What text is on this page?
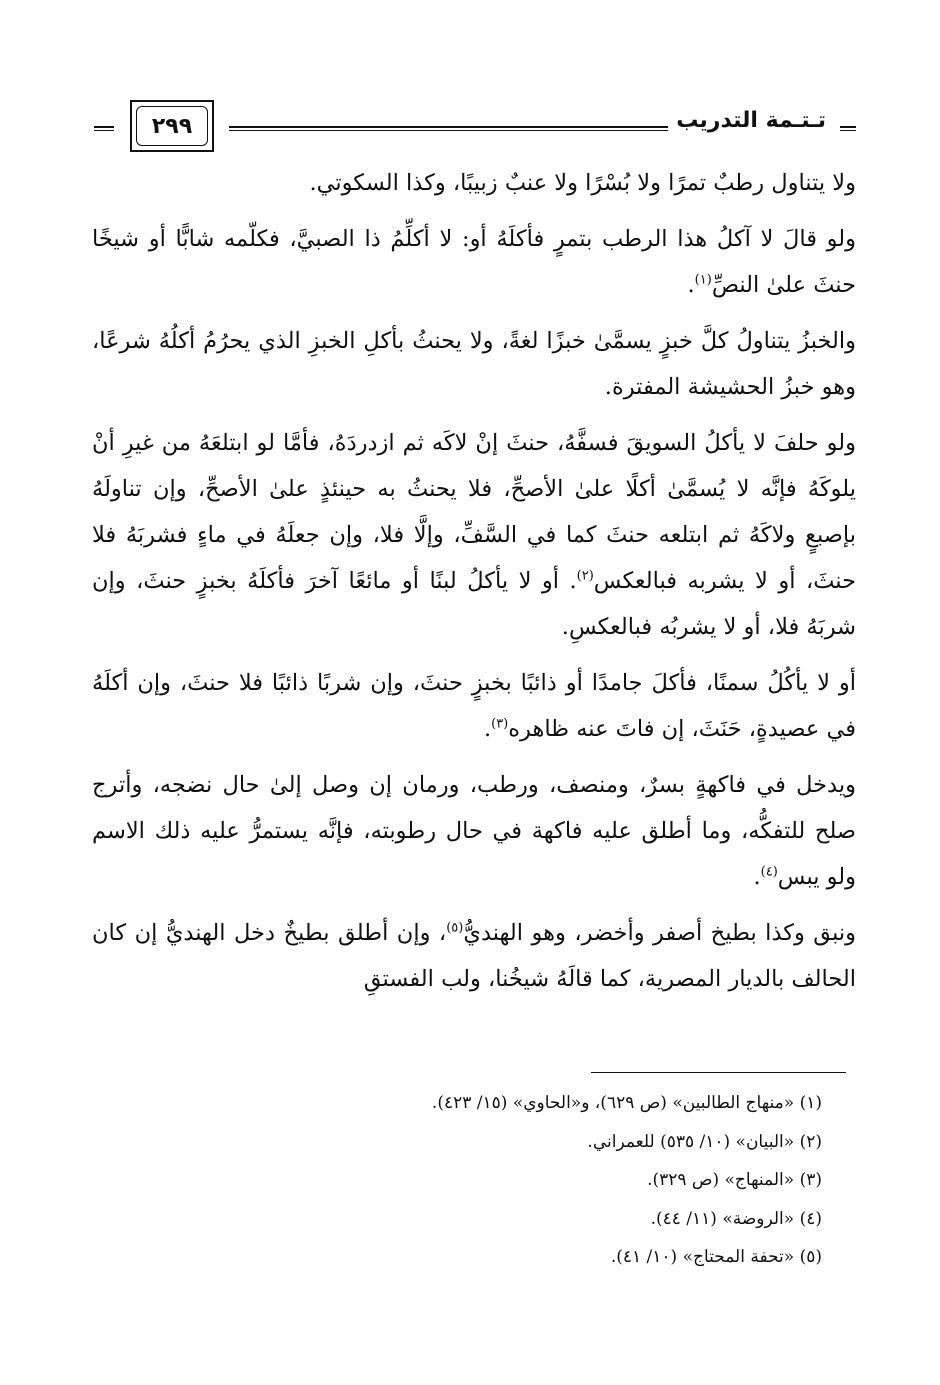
تـتـمة التدريب
٢٩٩

ولا يتناول رطبٌ تمرًا ولا بُسْرًا ولا عنبٌ زبيبًا، وكذا السكوتي.

ولو قالَ لا آكلُ هذا الرطب بتمرٍ فأكلَهُ أو: لا أكلِّمُ ذا الصبيَّ، فكلّمه شابًّا أو شيخًا حنثَ علىٰ النصِّ$^{(١)}$.

والخبزُ يتناولُ كلَّ خبزٍ يسمَّىٰ خبزًا لغةً، ولا يحنثُ بأكلِ الخبزِ الذي يحرُمُ أكلُهُ شرعًا، وهو خبزُ الحشيشة المفترة.

ولو حلفَ لا يأكلُ السويقَ فسفَّهُ، حنثَ إنْ لاكَه ثم ازدردَهُ، فأمَّا لو ابتلعَهُ من غيرِ أنْ يلوكَهُ فإنَّه لا يُسمَّىٰ أكلًا علىٰ الأصحِّ، فلا يحنثُ به حينئذٍ علىٰ الأصحِّ، وإن تناولَهُ بإصبعٍ ولاكَهُ ثم ابتلعه حنثَ كما في السَّفِّ، وإلَّا فلا، وإن جعلَهُ في ماءٍ فشربَهُ فلا حنثَ، أو لا يشربه فبالعكس$^{(٢)}$. أو لا يأكلُ لبنًا أو مائعًا آخرَ فأكلَهُ بخبزٍ حنثَ، وإن شربَهُ فلا، أو لا يشربُه فبالعكسِ.

أو لا يأكُلُ سمنًا، فأكلَ جامدًا أو ذائبًا بخبزٍ حنثَ، وإن شربًا ذائبًا فلا حنثَ، وإن أكلَهُ في عصيدةٍ، حَنَثَ، إن فاتَ عنه ظاهره$^{(٣)}$.

ويدخل في فاكهةٍ بسرٌ، ومنصف، ورطب، ورمان إن وصل إلىٰ حال نضجه، وأترج صلح للتفكُّه، وما أطلق عليه فاكهة في حال رطوبته، فإنَّه يستمرُّ عليه ذلك الاسم ولو يبس$^{(٤)}$.

ونبق وكذا بطيخ أصفر وأخضر، وهو الهنديُّ$^{(٥)}$، وإن أطلق بطيخٌ دخل الهنديُّ إن كان الحالف بالديار المصرية، كما قالَهُ شيخُنا، ولب الفستقِ

(١) «منهاج الطالبين» (ص ٦٢٩)، و«الحاوي» (١٥/ ٤٢٣).
(٢) «البيان» (١٠/ ٥٣٥) للعمراني.
(٣) «المنهاج» (ص ٣٢٩).
(٤) «الروضة» (١١/ ٤٤).
(٥) «تحفة المحتاج» (١٠/ ٤١).
